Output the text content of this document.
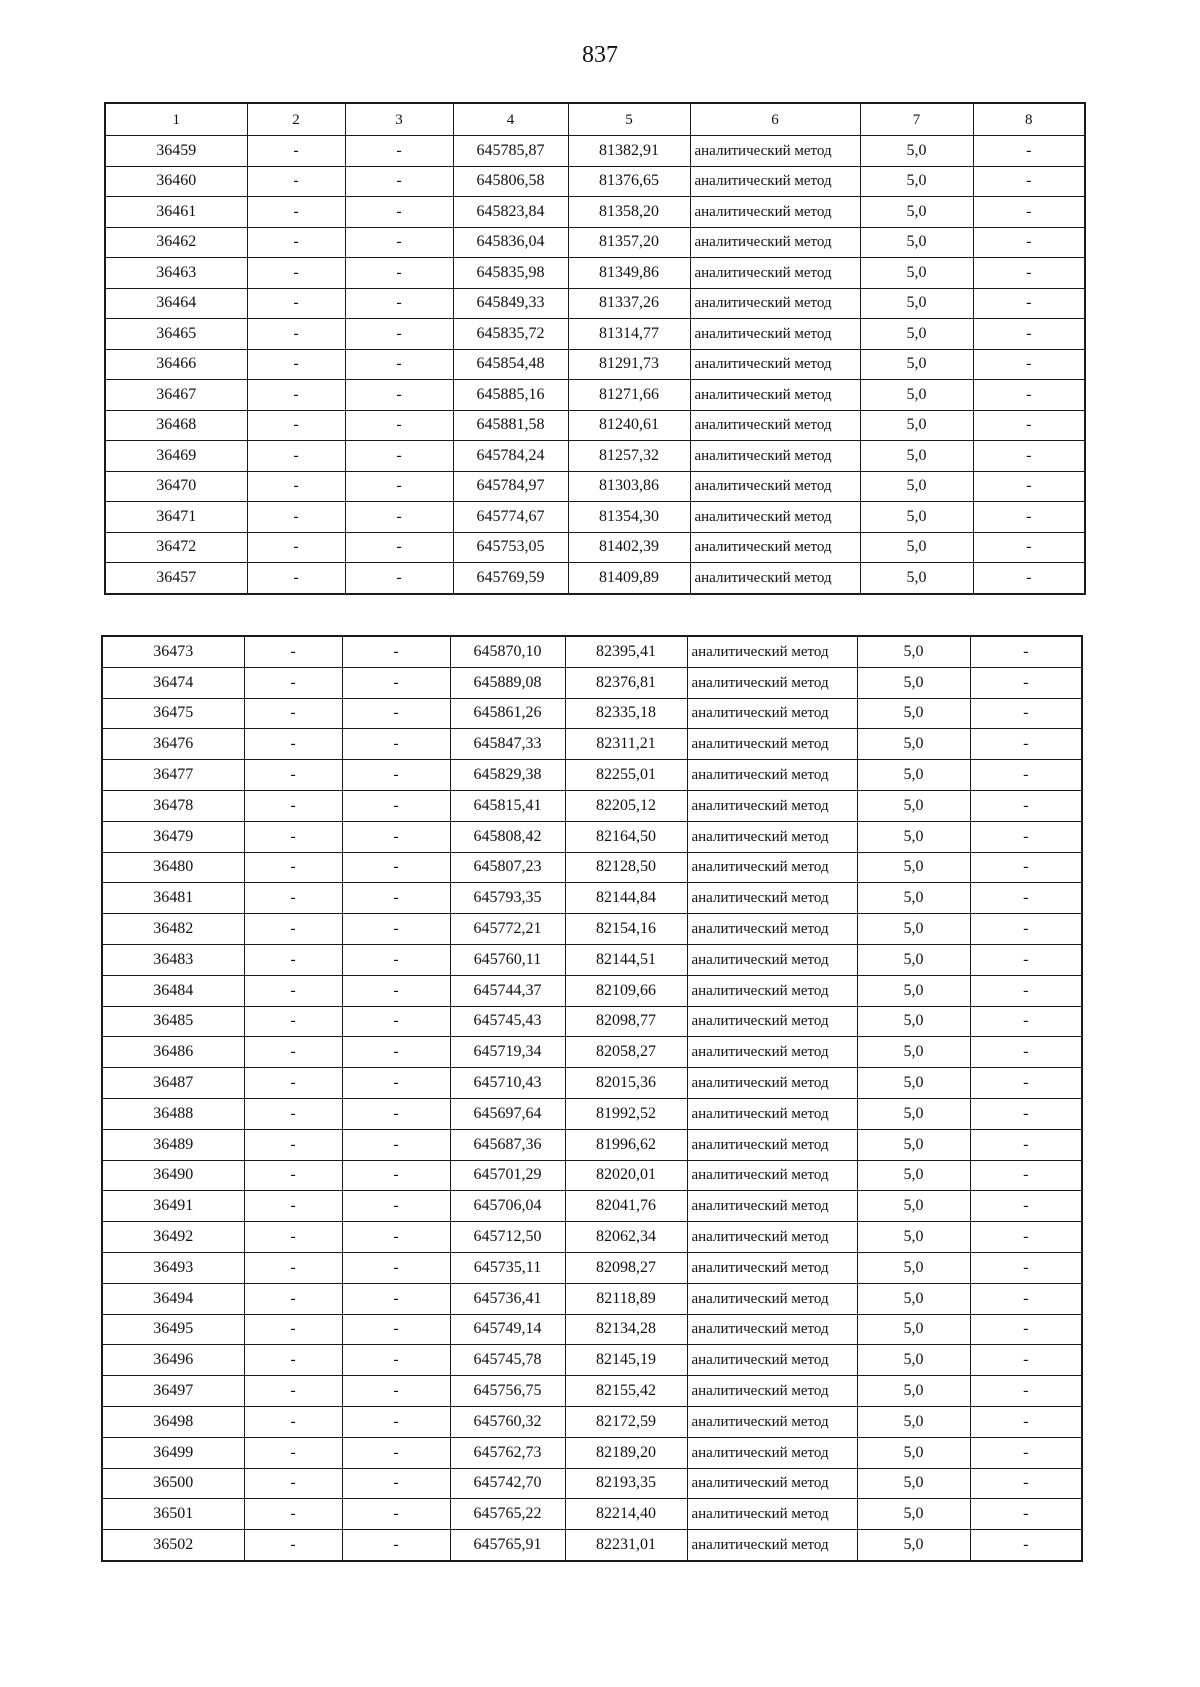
837
1	2	3	4	5	6	7	8
36459	-	-	645785,87	81382,91	аналитический метод	5,0	-
36460	-	-	645806,58	81376,65	аналитический метод	5,0	-
36461	-	-	645823,84	81358,20	аналитический метод	5,0	-
36462	-	-	645836,04	81357,20	аналитический метод	5,0	-
36463	-	-	645835,98	81349,86	аналитический метод	5,0	-
36464	-	-	645849,33	81337,26	аналитический метод	5,0	-
36465	-	-	645835,72	81314,77	аналитический метод	5,0	-
36466	-	-	645854,48	81291,73	аналитический метод	5,0	-
36467	-	-	645885,16	81271,66	аналитический метод	5,0	-
36468	-	-	645881,58	81240,61	аналитический метод	5,0	-
36469	-	-	645784,24	81257,32	аналитический метод	5,0	-
36470	-	-	645784,97	81303,86	аналитический метод	5,0	-
36471	-	-	645774,67	81354,30	аналитический метод	5,0	-
36472	-	-	645753,05	81402,39	аналитический метод	5,0	-
36457	-	-	645769,59	81409,89	аналитический метод	5,0	-
36473	-	-	645870,10	82395,41	аналитический метод	5,0	-
36474	-	-	645889,08	82376,81	аналитический метод	5,0	-
36475	-	-	645861,26	82335,18	аналитический метод	5,0	-
36476	-	-	645847,33	82311,21	аналитический метод	5,0	-
36477	-	-	645829,38	82255,01	аналитический метод	5,0	-
36478	-	-	645815,41	82205,12	аналитический метод	5,0	-
36479	-	-	645808,42	82164,50	аналитический метод	5,0	-
36480	-	-	645807,23	82128,50	аналитический метод	5,0	-
36481	-	-	645793,35	82144,84	аналитический метод	5,0	-
36482	-	-	645772,21	82154,16	аналитический метод	5,0	-
36483	-	-	645760,11	82144,51	аналитический метод	5,0	-
36484	-	-	645744,37	82109,66	аналитический метод	5,0	-
36485	-	-	645745,43	82098,77	аналитический метод	5,0	-
36486	-	-	645719,34	82058,27	аналитический метод	5,0	-
36487	-	-	645710,43	82015,36	аналитический метод	5,0	-
36488	-	-	645697,64	81992,52	аналитический метод	5,0	-
36489	-	-	645687,36	81996,62	аналитический метод	5,0	-
36490	-	-	645701,29	82020,01	аналитический метод	5,0	-
36491	-	-	645706,04	82041,76	аналитический метод	5,0	-
36492	-	-	645712,50	82062,34	аналитический метод	5,0	-
36493	-	-	645735,11	82098,27	аналитический метод	5,0	-
36494	-	-	645736,41	82118,89	аналитический метод	5,0	-
36495	-	-	645749,14	82134,28	аналитический метод	5,0	-
36496	-	-	645745,78	82145,19	аналитический метод	5,0	-
36497	-	-	645756,75	82155,42	аналитический метод	5,0	-
36498	-	-	645760,32	82172,59	аналитический метод	5,0	-
36499	-	-	645762,73	82189,20	аналитический метод	5,0	-
36500	-	-	645742,70	82193,35	аналитический метод	5,0	-
36501	-	-	645765,22	82214,40	аналитический метод	5,0	-
36502	-	-	645765,91	82231,01	аналитический метод	5,0	-
